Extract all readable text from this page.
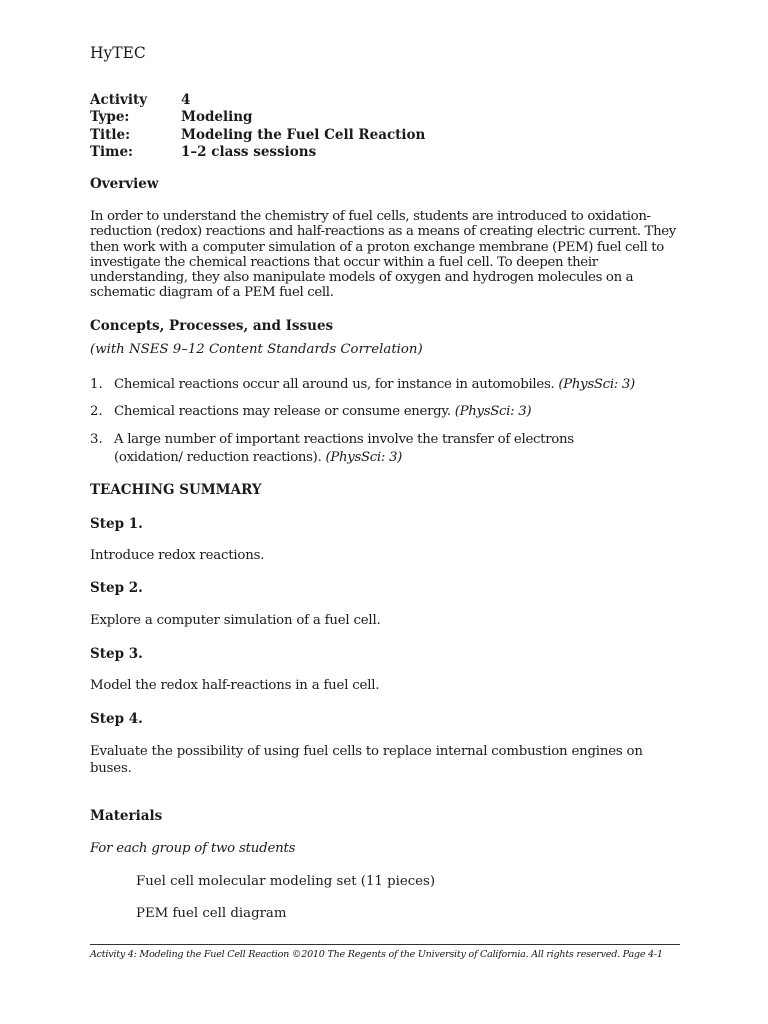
HyTEC
Activity	4
Type:	Modeling
Title:	Modeling the Fuel Cell Reaction
Time:	1–2 class sessions
Overview
In order to understand the chemistry of fuel cells, students are introduced to oxidation-reduction (redox) reactions and half-reactions as a means of creating electric current. They then work with a computer simulation of a proton exchange membrane (PEM) fuel cell to investigate the chemical reactions that occur within a fuel cell. To deepen their understanding, they also manipulate models of oxygen and hydrogen molecules on a schematic diagram of a PEM fuel cell.
Concepts, Processes, and Issues
(with NSES 9–12 Content Standards Correlation)
1. Chemical reactions occur all around us, for instance in automobiles. (PhysSci: 3)
2. Chemical reactions may release or consume energy. (PhysSci: 3)
3. A large number of important reactions involve the transfer of electrons (oxidation/ reduction reactions). (PhysSci: 3)
TEACHING SUMMARY
Step 1.
Introduce redox reactions.
Step 2.
Explore a computer simulation of a fuel cell.
Step 3.
Model the redox half-reactions in a fuel cell.
Step 4.
Evaluate the possibility of using fuel cells to replace internal combustion engines on buses.
Materials
For each group of two students
Fuel cell molecular modeling set (11 pieces)
PEM fuel cell diagram
Activity 4: Modeling the Fuel Cell Reaction ©2010 The Regents of the University of California. All rights reserved. Page 4-1
